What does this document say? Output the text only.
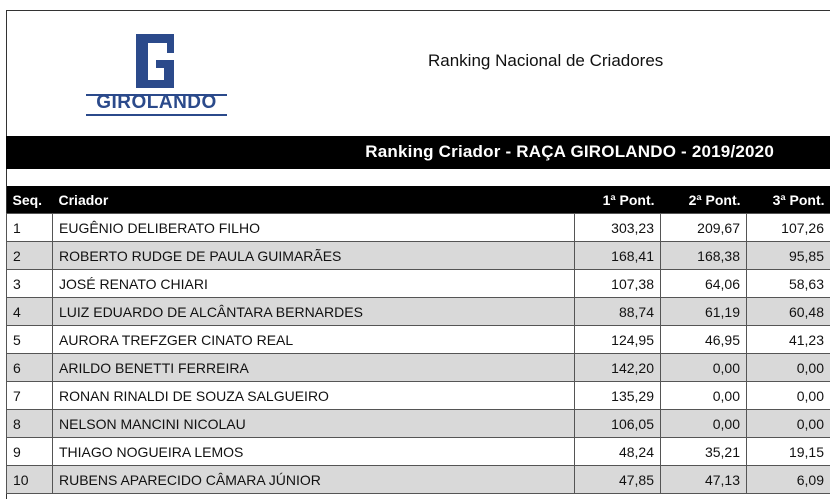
GIROLANDO
Ranking Nacional de Criadores
Ranking Criador - RAÇA GIROLANDO - 2019/2020
Seq.	Criador	1ª Pont.	2ª Pont.	3ª Pont.
1	EUGÊNIO DELIBERATO FILHO	303,23	209,67	107,26
2	ROBERTO RUDGE DE PAULA GUIMARÃES	168,41	168,38	95,85
3	JOSÉ RENATO CHIARI	107,38	64,06	58,63
4	LUIZ EDUARDO DE ALCÂNTARA BERNARDES	88,74	61,19	60,48
5	AURORA TREFZGER CINATO REAL	124,95	46,95	41,23
6	ARILDO BENETTI FERREIRA	142,20	0,00	0,00
7	RONAN RINALDI DE SOUZA SALGUEIRO	135,29	0,00	0,00
8	NELSON MANCINI NICOLAU	106,05	0,00	0,00
9	THIAGO NOGUEIRA LEMOS	48,24	35,21	19,15
10	RUBENS APARECIDO CÂMARA JÚNIOR	47,85	47,13	6,09
